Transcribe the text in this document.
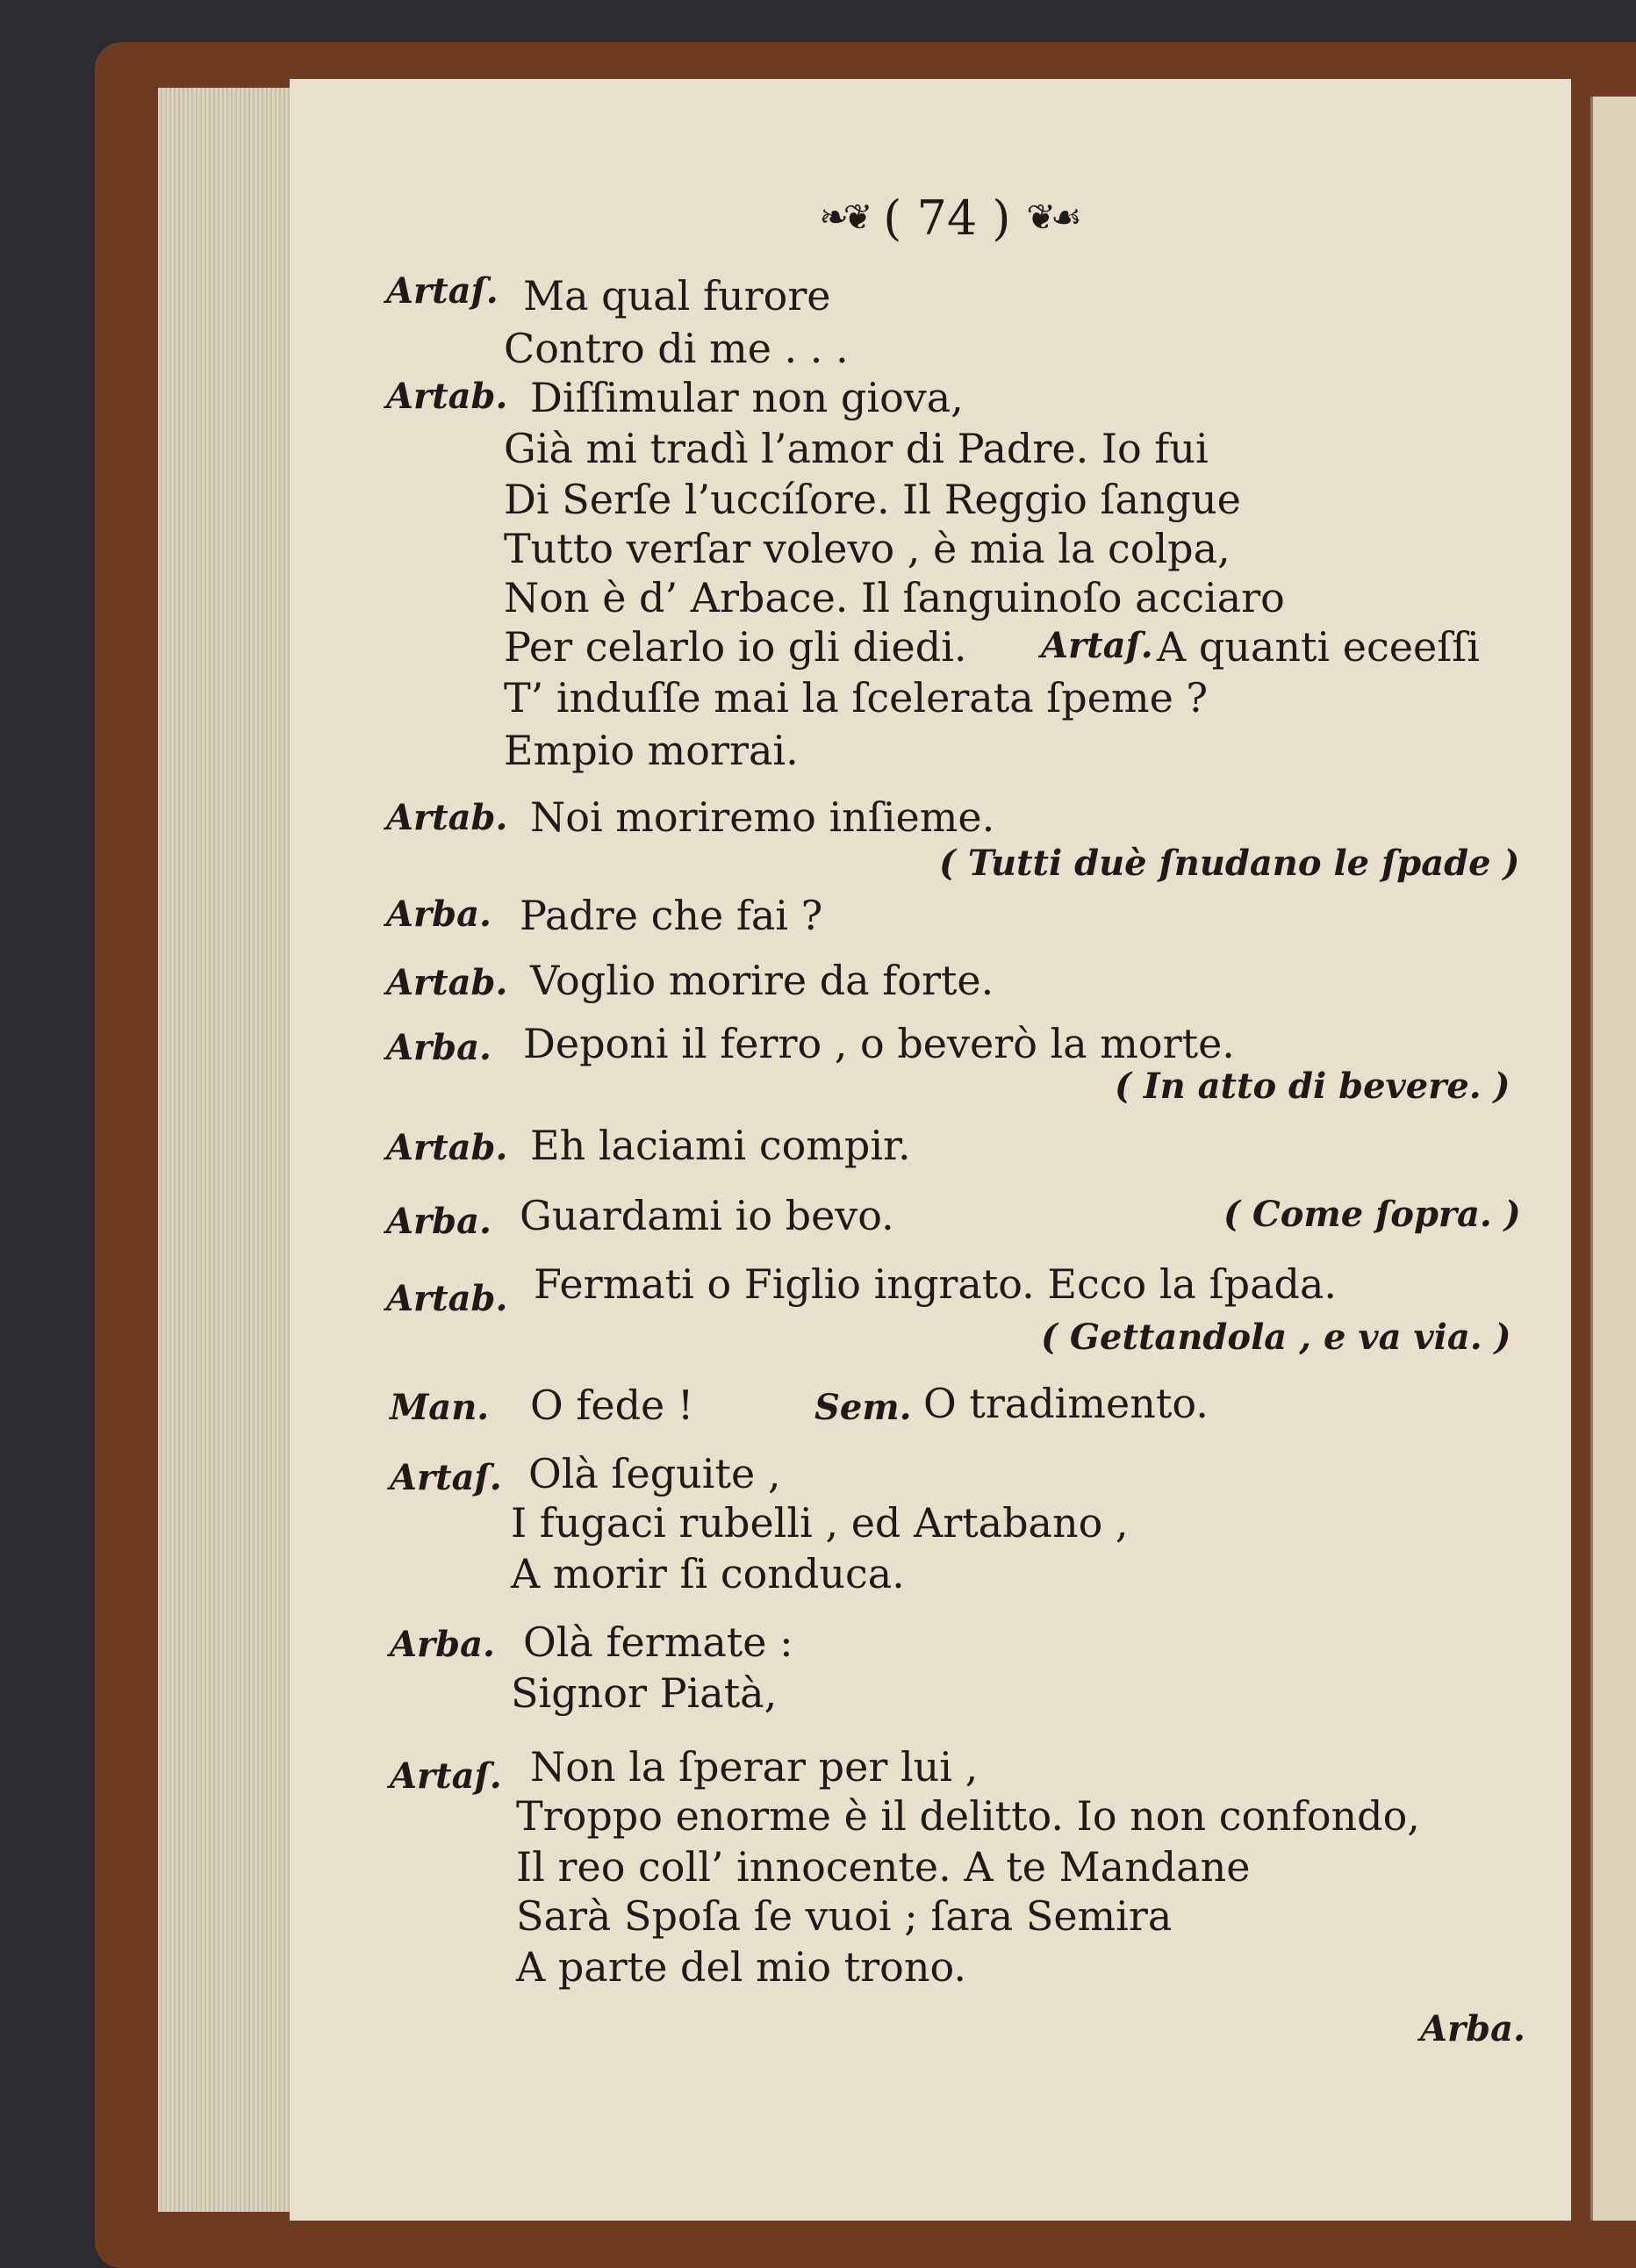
❧❦ ( 74 ) ❦☙
Artaſ. Ma qual furore
Contro di me . . .
Artab. Diſſimular non giova,
Già mi tradì l’amor di Padre. Io fui
Di Serſe l’uccíſore. Il Reggio ſangue
Tutto verſar volevo , è mia la colpa,
Non è d’ Arbace. Il ſanguinoſo acciaro
Per celarlo io gli diedi. Artaſ. A quanti eceeſſi
T’ induſſe mai la ſcelerata ſpeme ?
Empio morrai.
Artab. Noi moriremo inſieme.
( Tutti duè ſnudano le ſpade )
Arba. Padre che fai ?
Artab. Voglio morire da forte.
Arba. Deponi il ferro , o beverò la morte.
( In atto di bevere. )
Artab. Eh laciami compir.
Arba. Guardami io bevo.	( Come ſopra. )
Artab. Fermati o Figlio ingrato. Ecco la ſpada.
( Gettandola , e va via. )
Man. O fede !	Sem. O tradimento.
Artaſ. Olà ſeguite ,
I fugaci rubelli , ed Artabano ,
A morir ſi conduca.
Arba. Olà fermate :
Signor Piatà,
Artaſ. Non la ſperar per lui ,
Troppo enorme è il delitto. Io non confondo,
Il reo coll’ innocente. A te Mandane
Sarà Spoſa ſe vuoi ; ſara Semira
A parte del mio trono.
Arba.
